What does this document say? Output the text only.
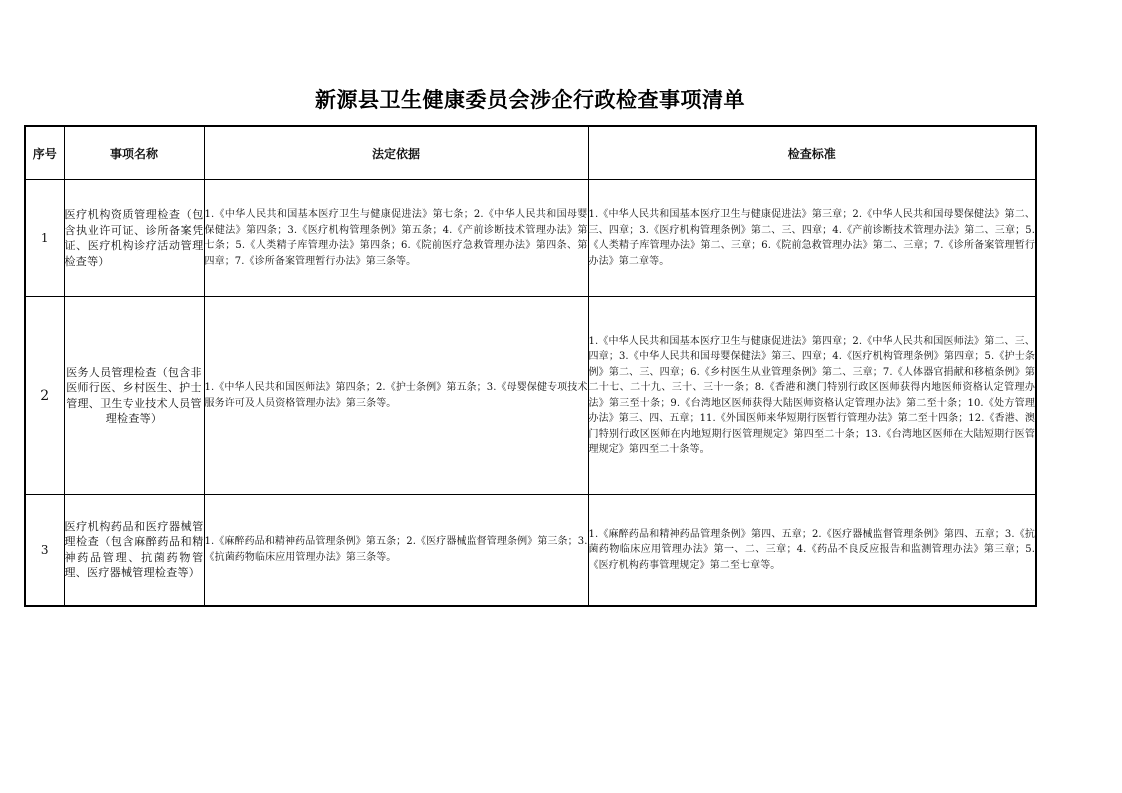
新源县卫生健康委员会涉企行政检查事项清单
序号	事项名称	法定依据	检查标准
1	医疗机构资质管理检查（包含执业许可证、诊所备案凭证、医疗机构诊疗活动管理检查等）	1.《中华人民共和国基本医疗卫生与健康促进法》第七条；2.《中华人民共和国母婴保健法》第四条；3.《医疗机构管理条例》第五条；4.《产前诊断技术管理办法》第七条；5.《人类精子库管理办法》第四条；6.《院前医疗急救管理办法》第四条、第四章；7.《诊所备案管理暂行办法》第三条等。	1.《中华人民共和国基本医疗卫生与健康促进法》第三章；2.《中华人民共和国母婴保健法》第二、三、四章；3.《医疗机构管理条例》第二、三、四章；4.《产前诊断技术管理办法》第二、三章；5.《人类精子库管理办法》第二、三章；6.《院前急救管理办法》第二、三章；7.《诊所备案管理暂行办法》第二章等。
2	医务人员管理检查（包含非医师行医、乡村医生、护士管理、卫生专业技术人员管理检查等）	1.《中华人民共和国医师法》第四条；2.《护士条例》第五条；3.《母婴保健专项技术服务许可及人员资格管理办法》第三条等。	1.《中华人民共和国基本医疗卫生与健康促进法》第四章；2.《中华人民共和国医师法》第二、三、四章；3.《中华人民共和国母婴保健法》第三、四章；4.《医疗机构管理条例》第四章；5.《护士条例》第二、三、四章；6.《乡村医生从业管理条例》第二、三章；7.《人体器官捐献和移植条例》第二十七、二十九、三十、三十一条；8.《香港和澳门特别行政区医师获得内地医师资格认定管理办法》第三至十条；9.《台湾地区医师获得大陆医师资格认定管理办法》第二至十条；10.《处方管理办法》第三、四、五章；11.《外国医师来华短期行医暂行管理办法》第二至十四条；12.《香港、澳门特别行政区医师在内地短期行医管理规定》第四至二十条；13.《台湾地区医师在大陆短期行医管理规定》第四至二十条等。
3	医疗机构药品和医疗器械管理检查（包含麻醉药品和精神药品管理、抗菌药物管理、医疗器械管理检查等）	1.《麻醉药品和精神药品管理条例》第五条；2.《医疗器械监督管理条例》第三条；3.《抗菌药物临床应用管理办法》第三条等。	1.《麻醉药品和精神药品管理条例》第四、五章；2.《医疗器械监督管理条例》第四、五章；3.《抗菌药物临床应用管理办法》第一、二、三章；4.《药品不良反应报告和监测管理办法》第三章；5.《医疗机构药事管理规定》第二至七章等。
